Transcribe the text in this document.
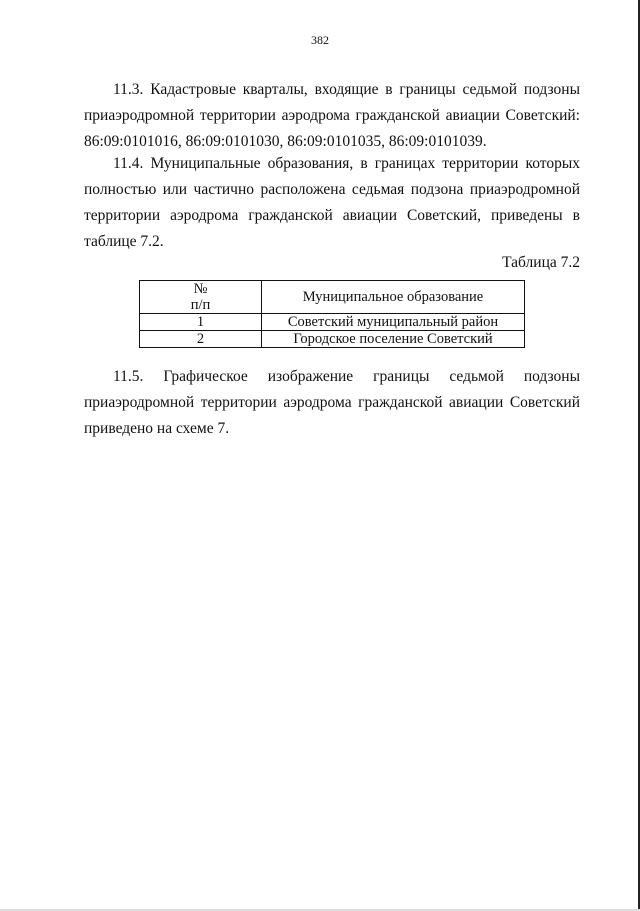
382

11.3. Кадастровые кварталы, входящие в границы седьмой подзоны приаэродромной территории аэродрома гражданской авиации Советский: 86:09:0101016, 86:09:0101030, 86:09:0101035, 86:09:0101039.

11.4. Муниципальные образования, в границах территории которых полностью или частично расположена седьмая подзона приаэродромной территории аэродрома гражданской авиации Советский, приведены в таблице 7.2.

Таблица 7.2
№
п/п	Муниципальное образование
1	Советский муниципальный район
2	Городское поселение Советский

11.5. Графическое изображение границы седьмой подзоны приаэродромной территории аэродрома гражданской авиации Советский приведено на схеме 7.
